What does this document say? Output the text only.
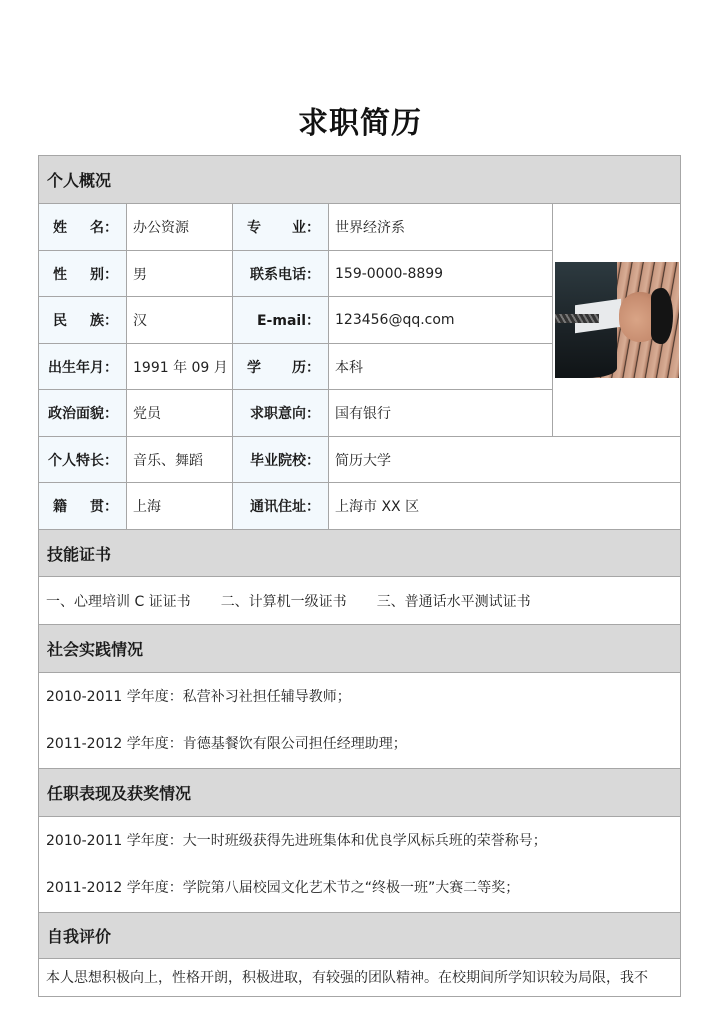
求职简历
个人概况
姓 名：	办公资源	专 业：	世界经济系
性 别：	男	联系电话：	159-0000-8899
民 族：	汉	E-mail：	123456@qq.com
出生年月：	1991 年 09 月	学 历：	本科
政治面貌：	党员	求职意向：	国有银行
个人特长：	音乐、舞蹈	毕业院校：	简历大学
籍 贯：	上海	通讯住址：	上海市 XX 区
技能证书
一、心理培训 C 证证书 二、计算机一级证书 三、普通话水平测试证书
社会实践情况
2010-2011 学年度：私营补习社担任辅导教师；
2011-2012 学年度：肯德基餐饮有限公司担任经理助理；
任职表现及获奖情况
2010-2011 学年度：大一时班级获得先进班集体和优良学风标兵班的荣誉称号；
2011-2012 学年度：学院第八届校园文化艺术节之“终极一班”大赛二等奖；
自我评价
本人思想积极向上，性格开朗，积极进取，有较强的团队精神。在校期间所学知识较为局限，我不
